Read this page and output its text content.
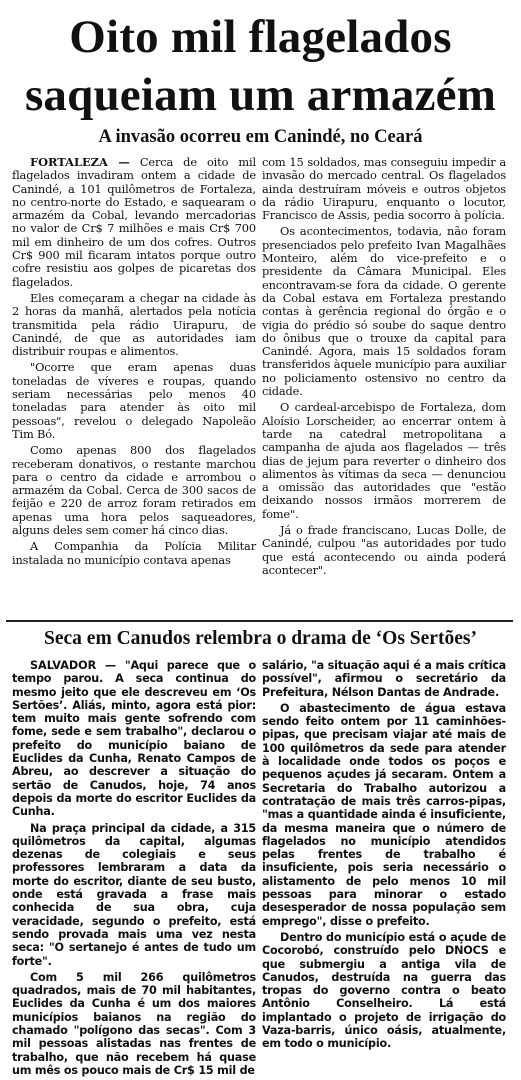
Oito mil flagelados
saqueiam um armazém
A invasão ocorreu em Canindé, no Ceará

FORTALEZA — Cerca de oito mil flagelados invadiram ontem a cidade de Canindé, a 101 quilômetros de Fortaleza, no centro-norte do Estado, e saquearam o armazém da Cobal, levando mercadorias no valor de Cr$ 7 milhões e mais Cr$ 700 mil em dinheiro de um dos cofres. Outros Cr$ 900 mil ficaram intatos porque outro cofre resistiu aos golpes de picaretas dos flagelados.

Eles começaram a chegar na cidade às 2 horas da manhã, alertados pela notícia transmitida pela rádio Uirapuru, de Canindé, de que as autoridades iam distribuir roupas e alimentos.

"Ocorre que eram apenas duas toneladas de víveres e roupas, quando seriam necessárias pelo menos 40 toneladas para atender às oito mil pessoas", revelou o delegado Napoleão Tim Bó.

Como apenas 800 dos flagelados receberam donativos, o restante marchou para o centro da cidade e arrombou o armazém da Cobal. Cerca de 300 sacos de feijão e 220 de arroz foram retirados em apenas uma hora pelos saqueadores, alguns deles sem comer há cinco dias.

A Companhia da Polícia Militar instalada no município contava apenas

com 15 soldados, mas conseguiu impedir a invasão do mercado central. Os flagelados ainda destruíram móveis e outros objetos da rádio Uirapuru, enquanto o locutor, Francisco de Assis, pedia socorro à polícia.

Os acontecimentos, todavia, não foram presenciados pelo prefeito Ivan Magalhães Monteiro, além do vice-prefeito e o presidente da Câmara Municipal. Eles encontravam-se fora da cidade. O gerente da Cobal estava em Fortaleza prestando contas à gerência regional do órgão e o vigia do prédio só soube do saque dentro do ônibus que o trouxe da capital para Canindé. Agora, mais 15 soldados foram transferidos àquele município para auxiliar no policiamento ostensivo no centro da cidade.

O cardeal-arcebispo de Fortaleza, dom Aloísio Lorscheider, ao encerrar ontem à tarde na catedral metropolitana a campanha de ajuda aos flagelados — três dias de jejum para reverter o dinheiro dos alimentos às vítimas da seca — denunciou a omissão das autoridades que "estão deixando nossos irmãos morrerem de fome".

Já o frade franciscano, Lucas Dolle, de Canindé, culpou "as autoridades por tudo que está acontecendo ou ainda poderá acontecer".

Seca em Canudos relembra o drama de ‘Os Sertões’

SALVADOR — "Aqui parece que o tempo parou. A seca continua do mesmo jeito que ele descreveu em ‘Os Sertões’. Aliás, minto, agora está pior: tem muito mais gente sofrendo com fome, sede e sem trabalho", declarou o prefeito do município baiano de Euclides da Cunha, Renato Campos de Abreu, ao descrever a situação do sertão de Canudos, hoje, 74 anos depois da morte do escritor Euclides da Cunha.

Na praça principal da cidade, a 315 quilômetros da capital, algumas dezenas de colegiais e seus professores lembraram a data da morte do escritor, diante de seu busto, onde está gravada a frase mais conhecida de sua obra, cuja veracidade, segundo o prefeito, está sendo provada mais uma vez nesta seca: "O sertanejo é antes de tudo um forte".

Com 5 mil 266 quilômetros quadrados, mais de 70 mil habitantes, Euclides da Cunha é um dos maiores municípios baianos na região do chamado "polígono das secas". Com 3 mil pessoas alistadas nas frentes de trabalho, que não recebem há quase um mês os pouco mais de Cr$ 15 mil de

salário, "a situação aqui é a mais crítica possível", afirmou o secretário da Prefeitura, Nélson Dantas de Andrade.

O abastecimento de água estava sendo feito ontem por 11 caminhões-pipas, que precisam viajar até mais de 100 quilômetros da sede para atender à localidade onde todos os poços e pequenos açudes já secaram. Ontem a Secretaria do Trabalho autorizou a contratação de mais três carros-pipas, "mas a quantidade ainda é insuficiente, da mesma maneira que o número de flagelados no município atendidos pelas frentes de trabalho é insuficiente, pois seria necessário o alistamento de pelo menos 10 mil pessoas para minorar o estado desesperador de nossa população sem emprego", disse o prefeito.

Dentro do município está o açude de Cocorobó, construído pelo DNOCS e que submergiu a antiga vila de Canudos, destruída na guerra das tropas do governo contra o beato Antônio Conselheiro. Lá está implantado o projeto de irrigação do Vaza-barris, único oásis, atualmente, em todo o município.
